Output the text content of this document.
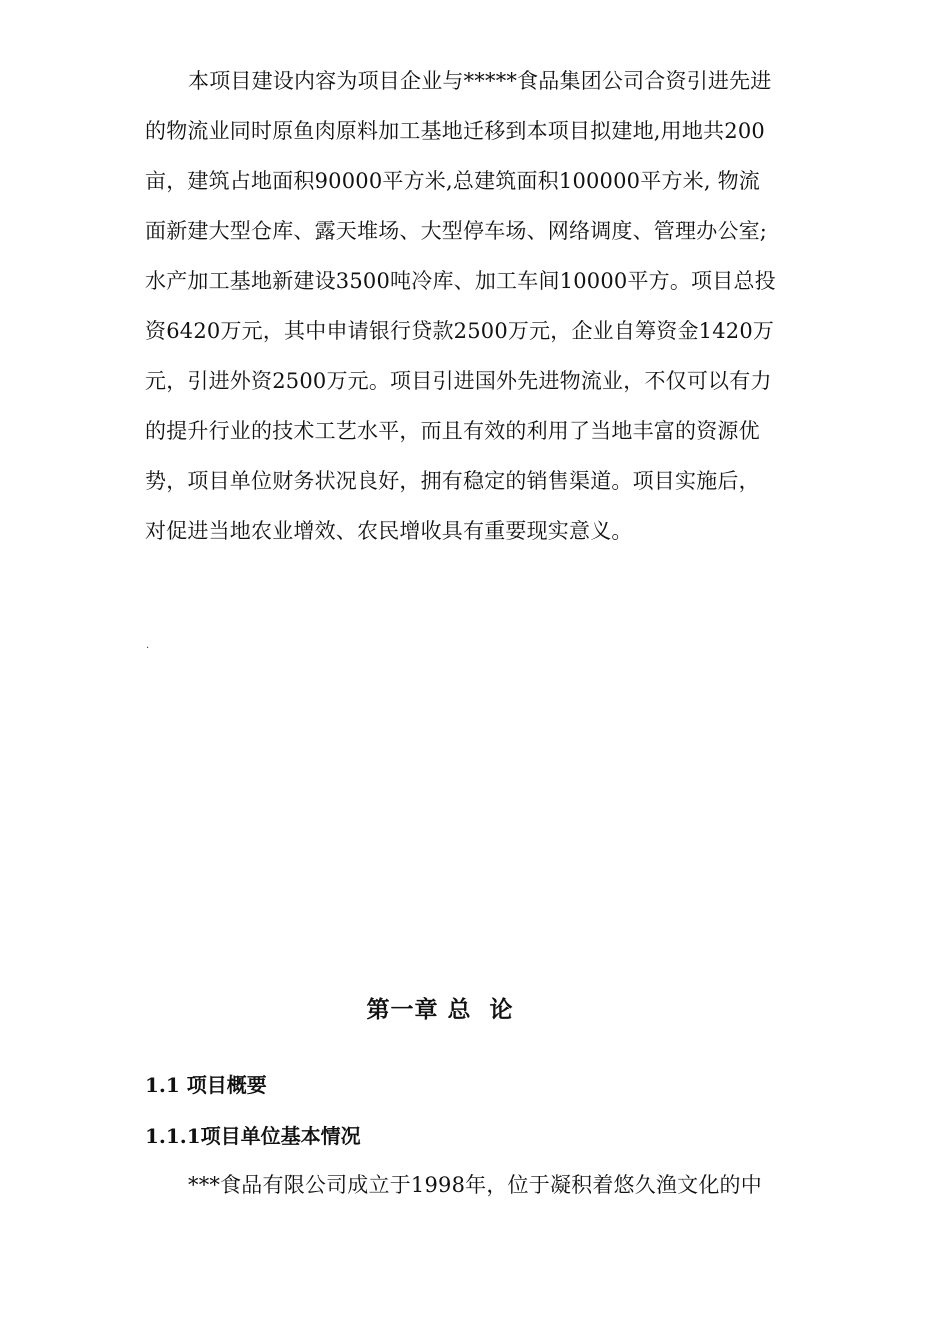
本项目建设内容为项目企业与*****食品集团公司合资引进先进
的物流业同时原鱼肉原料加工基地迁移到本项目拟建地,用地共200
亩，建筑占地面积90000平方米,总建筑面积100000平方米, 物流
面新建大型仓库、露天堆场、大型停车场、网络调度、管理办公室;
水产加工基地新建设3500吨冷库、加工车间10000平方。项目总投
资6420万元，其中申请银行贷款2500万元，企业自筹资金1420万
元，引进外资2500万元。项目引进国外先进物流业，不仅可以有力
的提升行业的技术工艺水平，而且有效的利用了当地丰富的资源优
势，项目单位财务状况良好，拥有稳定的销售渠道。项目实施后，
对促进当地农业增效、农民增收具有重要现实意义。
.
第一章 总  论
1.1 项目概要
1.1.1项目单位基本情况
***食品有限公司成立于1998年，位于凝积着悠久渔文化的中
